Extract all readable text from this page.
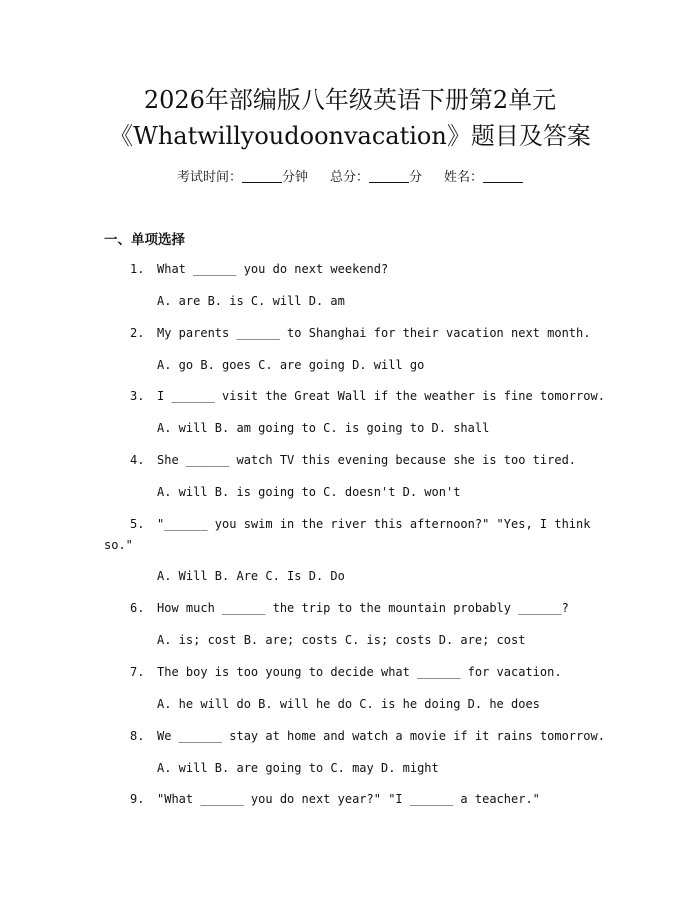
2026年部编版八年级英语下册第2单元
《Whatwillyoudoonvacation》题目及答案
考试时间：	分钟 总分：	分 姓名：
一、单项选择
1. What ______ you do next weekend?
A. are B. is C. will D. am
2. My parents ______ to Shanghai for their vacation next month.
A. go B. goes C. are going D. will go
3. I ______ visit the Great Wall if the weather is fine tomorrow.
A. will B. am going to C. is going to D. shall
4. She ______ watch TV this evening because she is too tired.
A. will B. is going to C. doesn't D. won't
5. "______ you swim in the river this afternoon?" "Yes, I think
so."
A. Will B. Are C. Is D. Do
6. How much ______ the trip to the mountain probably ______?
A. is; cost B. are; costs C. is; costs D. are; cost
7. The boy is too young to decide what ______ for vacation.
A. he will do B. will he do C. is he doing D. he does
8. We ______ stay at home and watch a movie if it rains tomorrow.
A. will B. are going to C. may D. might
9. "What ______ you do next year?" "I ______ a teacher."
